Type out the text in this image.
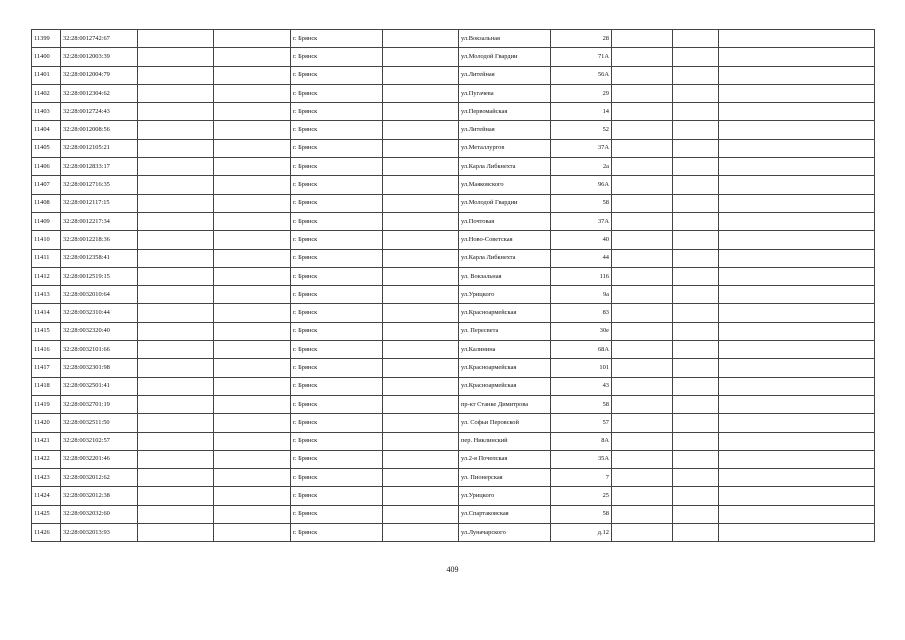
11399	32:28:0012742:67			г. Брянск		ул.Вокзальная	28			
11400	32:28:0012003:39			г. Брянск		ул.Молодой Гвардии	71А			
11401	32:28:0012004:79			г. Брянск		ул.Литейная	56А			
11402	32:28:0012304:62			г. Брянск		ул.Пугачева	29			
11403	32:28:0012724:43			г. Брянск		ул.Первомайская	14			
11404	32:28:0012008:56			г. Брянск		ул.Литейная	52			
11405	32:28:0012105:21			г. Брянск		ул.Металлургов	37А			
11406	32:28:0012833:17			г. Брянск		ул.Карла Либкнехта	2а			
11407	32:28:0012716:35			г. Брянск		ул.Маяковского	96А			
11408	32:28:0012117:15			г. Брянск		ул.Молодой Гвардии	58			
11409	32:28:0012217:34			г. Брянск		ул.Почтовая	37А			
11410	32:28:0012218:36			г. Брянск		ул.Ново-Советская	40			
11411	32:28:0012358:41			г. Брянск		ул.Карла Либкнехта	44			
11412	32:28:0012519:15			г. Брянск		ул. Вокзальная	116			
11413	32:28:0032010:64			г. Брянск		ул.Урицкого	9а			
11414	32:28:0032310:44			г. Брянск		ул.Красноармейская	83			
11415	32:28:0032320:40			г. Брянск		ул. Пересвета	30е			
11416	32:28:0032101:66			г. Брянск		ул.Калинина	68А			
11417	32:28:0032301:98			г. Брянск		ул.Красноармейская	101			
11418	32:28:0032501:41			г. Брянск		ул.Красноармейская	43			
11419	32:28:0032701:19			г. Брянск		пр-кт Станке Димитрова	58			
11420	32:28:0032511:50			г. Брянск		ул. Софьи Перовской	57			
11421	32:28:0032102:57			г. Брянск		пер. Никлинский	8А			
11422	32:28:0032201:46			г. Брянск		ул.2-я Почепская	35А			
11423	32:28:0032012:62			г. Брянск		ул. Пионерская	7			
11424	32:28:0032012:38			г. Брянск		ул.Урицкого	25			
11425	32:28:0032032:60			г. Брянск		ул.Спартаковская	58			
11426	32:28:0032013:93			г. Брянск		ул.Луначарского	д.12			
409
